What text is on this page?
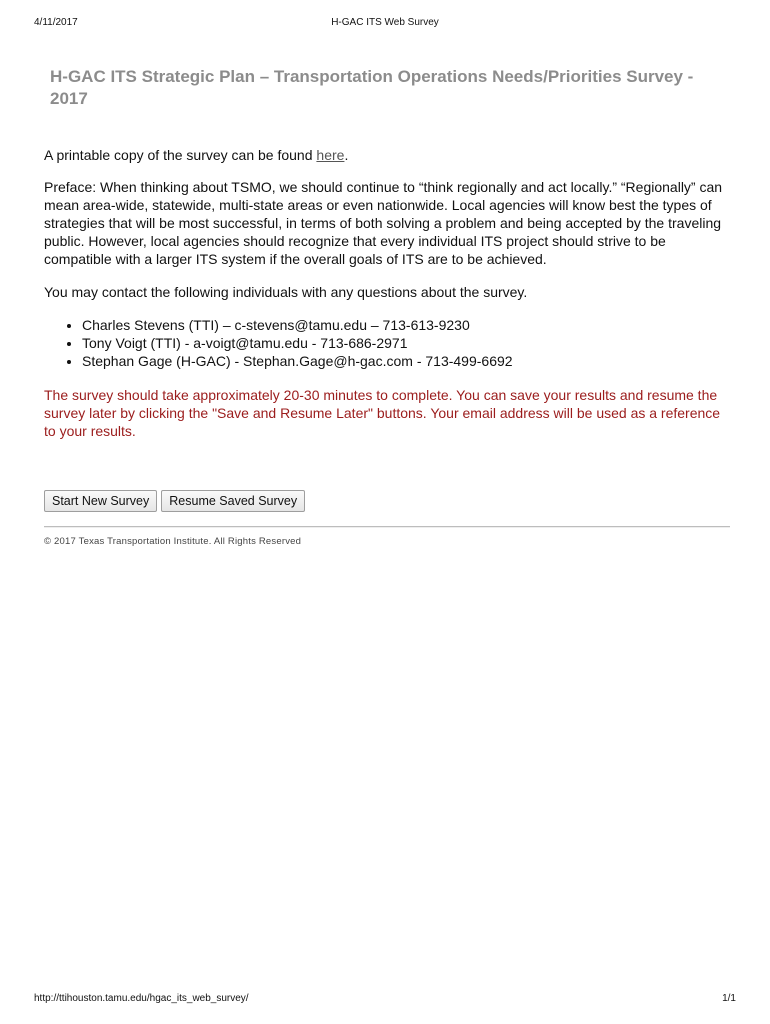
4/11/2017	H-GAC ITS Web Survey
H-GAC ITS Strategic Plan – Transportation Operations Needs/Priorities Survey - 2017

A printable copy of the survey can be found here.

Preface: When thinking about TSMO, we should continue to “think regionally and act locally.” “Regionally” can mean area-wide, statewide, multi-state areas or even nationwide. Local agencies will know best the types of strategies that will be most successful, in terms of both solving a problem and being accepted by the traveling public. However, local agencies should recognize that every individual ITS project should strive to be compatible with a larger ITS system if the overall goals of ITS are to be achieved.

You may contact the following individuals with any questions about the survey.

• Charles Stevens (TTI) – c-stevens@tamu.edu – 713-613-9230
• Tony Voigt (TTI) - a-voigt@tamu.edu - 713-686-2971
• Stephan Gage (H-GAC) - Stephan.Gage@h-gac.com - 713-499-6692

The survey should take approximately 20-30 minutes to complete. You can save your results and resume the survey later by clicking the "Save and Resume Later" buttons. Your email address will be used as a reference to your results.

Start New Survey	Resume Saved Survey
© 2017 Texas Transportation Institute. All Rights Reserved
http://ttihouston.tamu.edu/hgac_its_web_survey/	1/1
